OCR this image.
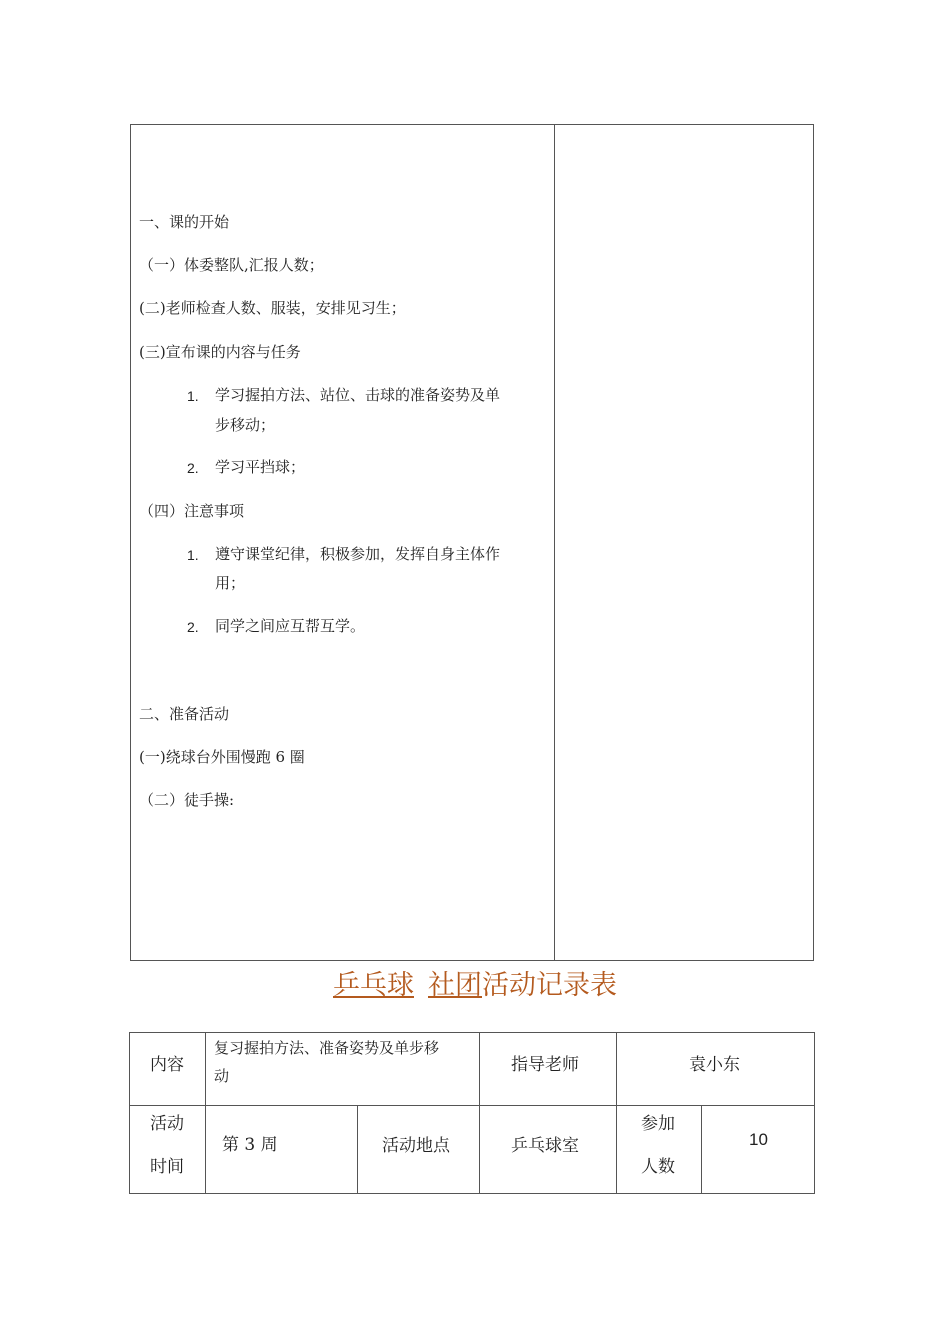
一、课的开始
（一）体委整队,汇报人数；
(二)老师检查人数、服装，安排见习生；
(三)宣布课的内容与任务
1. 学习握拍方法、站位、击球的准备姿势及单
步移动；
2. 学习平挡球；
（四）注意事项
1. 遵守课堂纪律，积极参加，发挥自身主体作
用；
2. 同学之间应互帮互学。
二、准备活动
(一)绕球台外围慢跑 6 圈
（二）徒手操:
乒乓球 社团活动记录表
内容	复习握拍方法、准备姿势及单步移
动		指导老师	袁小东	

活动
时间	第 3 周	活动地点	乒乓球室	参加
人数	10
